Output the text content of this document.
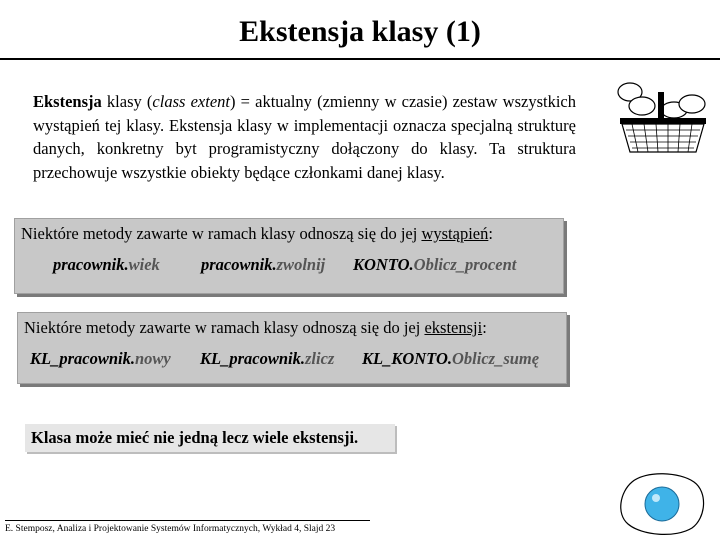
Ekstensja klasy (1)
Ekstensja klasy (class extent) = aktualny (zmienny w czasie) zestaw wszystkich wystąpień tej klasy. Ekstensja klasy w implementacji oznacza specjalną strukturę danych, konkretny byt programistyczny dołączony do klasy. Ta struktura przechowuje wszystkie obiekty będące członkami danej klasy.
Niektóre metody zawarte w ramach klasy odnoszą się do jej wystąpień:
pracownik.wiek pracownik.zwolnij KONTO.Oblicz_procent
Niektóre metody zawarte w ramach klasy odnoszą się do jej ekstensji:
KL_pracownik.nowy KL_pracownik.zlicz KL_KONTO.Oblicz_sumę
Klasa może mieć nie jedną lecz wiele ekstensji.
E. Stemposz, Analiza i Projektowanie Systemów Informatycznych, Wykład 4, Slajd 23
